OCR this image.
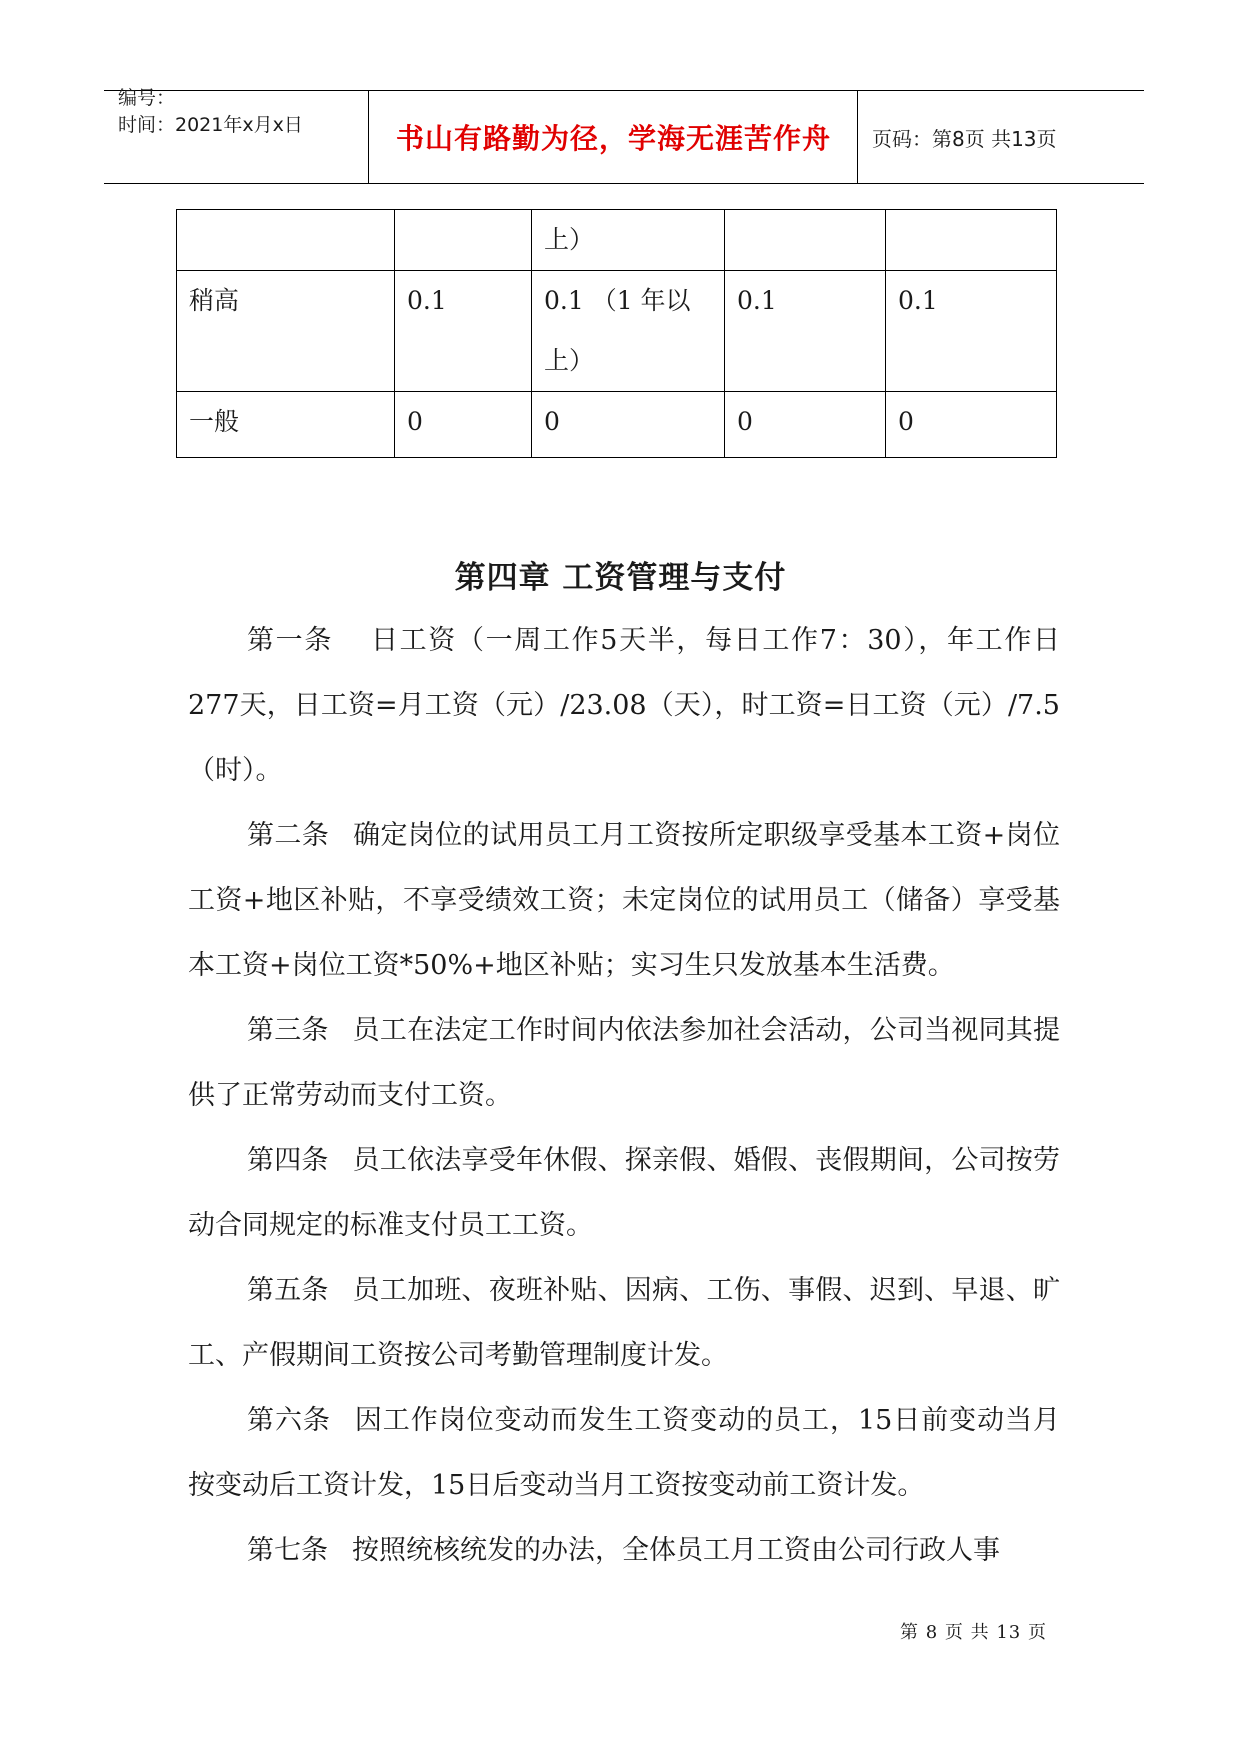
编号：
时间：2021年x月x日	书山有路勤为径，学海无涯苦作舟	页码：第8页 共13页
		上）		
稍高	0.1	0.1 （1 年以上）	0.1	0.1
一般	0	0	0	0
第四章 工资管理与支付

第一条 日工资（一周工作5天半，每日工作7：30），年工作日277天，日工资=月工资（元）/23.08（天），时工资=日工资（元）/7.5（时）。

第二条 确定岗位的试用员工月工资按所定职级享受基本工资+岗位工资+地区补贴，不享受绩效工资；未定岗位的试用员工（储备）享受基本工资+岗位工资*50%+地区补贴；实习生只发放基本生活费。

第三条 员工在法定工作时间内依法参加社会活动，公司当视同其提供了正常劳动而支付工资。

第四条 员工依法享受年休假、探亲假、婚假、丧假期间，公司按劳动合同规定的标准支付员工工资。

第五条 员工加班、夜班补贴、因病、工伤、事假、迟到、早退、旷工、产假期间工资按公司考勤管理制度计发。

第六条 因工作岗位变动而发生工资变动的员工，15日前变动当月按变动后工资计发，15日后变动当月工资按变动前工资计发。

第七条 按照统核统发的办法，全体员工月工资由公司行政人事

第 8 页 共 13 页
